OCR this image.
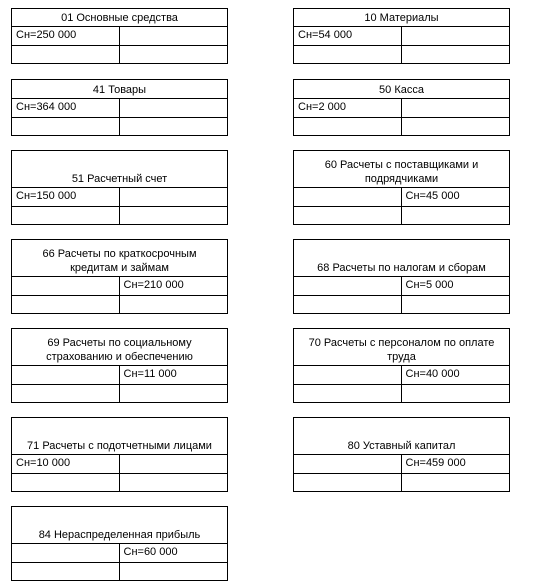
01 Основные средства
Сн=250 000
10 Материалы
Сн=54 000
41 Товары
Сн=364 000
50 Касса
Сн=2 000
51 Расчетный счет
Сн=150 000
60 Расчеты с поставщиками и подрядчиками
Сн=45 000
66 Расчеты по краткосрочным кредитам и займам
Сн=210 000
68 Расчеты по налогам и сборам
Сн=5 000
69 Расчеты по социальному страхованию и обеспечению
Сн=11 000
70 Расчеты с персоналом по оплате труда
Сн=40 000
71 Расчеты с подотчетными лицами
Сн=10 000
80 Уставный капитал
Сн=459 000
84 Нераспределенная прибыль
Сн=60 000
